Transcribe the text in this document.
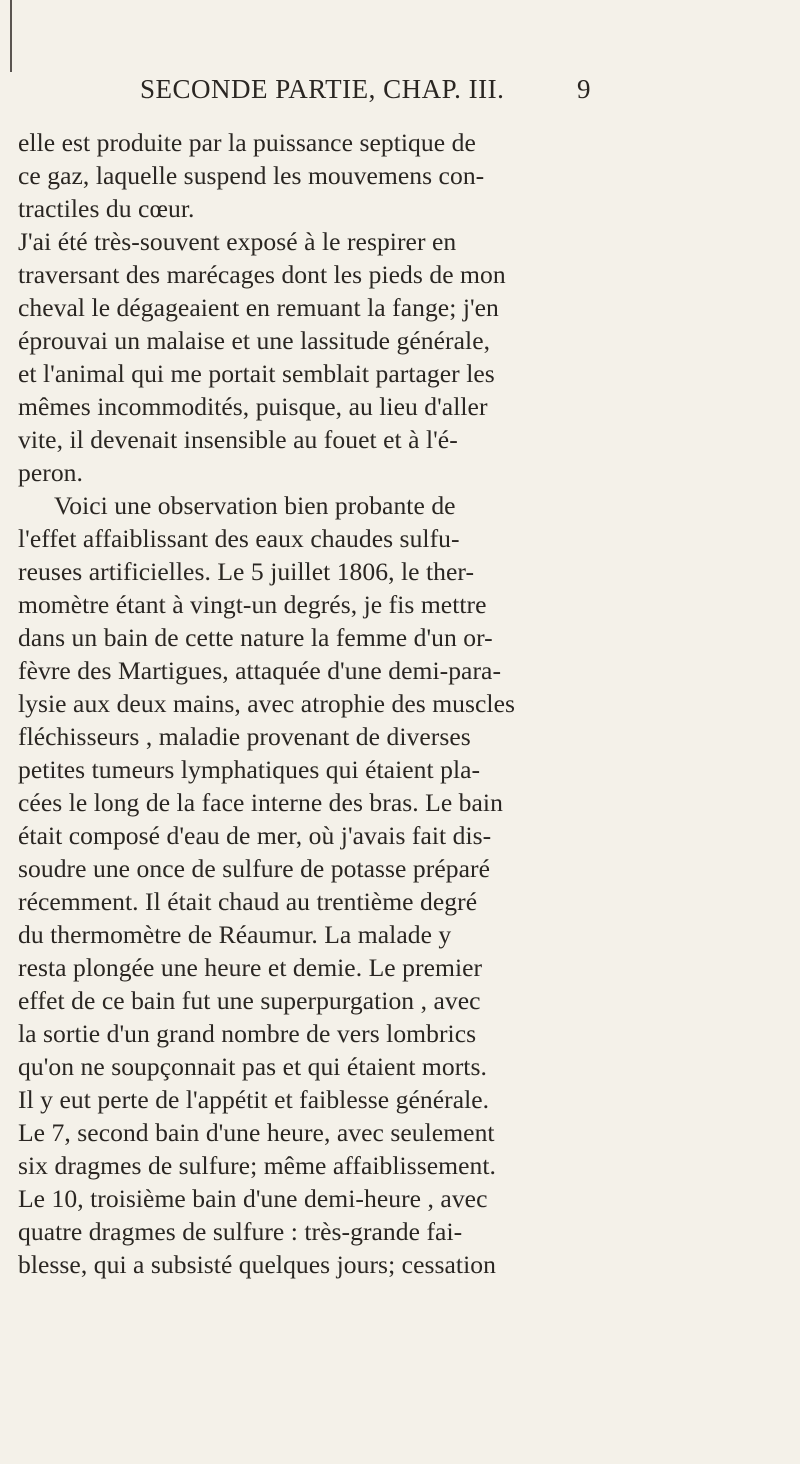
SECONDE PARTIE, CHAP. III.	9
elle est produite par la puissance septique de
ce gaz, laquelle suspend les mouvemens con-
tractiles du cœur.
J'ai été très-souvent exposé à le respirer en
traversant des marécages dont les pieds de mon
cheval le dégageaient en remuant la fange; j'en
éprouvai un malaise et une lassitude générale,
et l'animal qui me portait semblait partager les
mêmes incommodités, puisque, au lieu d'aller
vite, il devenait insensible au fouet et à l'é-
peron.
Voici une observation bien probante de
l'effet affaiblissant des eaux chaudes sulfu-
reuses artificielles. Le 5 juillet 1806, le ther-
momètre étant à vingt-un degrés, je fis mettre
dans un bain de cette nature la femme d'un or-
fèvre des Martigues, attaquée d'une demi-para-
lysie aux deux mains, avec atrophie des muscles
fléchisseurs , maladie provenant de diverses
petites tumeurs lymphatiques qui étaient pla-
cées le long de la face interne des bras. Le bain
était composé d'eau de mer, où j'avais fait dis-
soudre une once de sulfure de potasse préparé
récemment. Il était chaud au trentième degré
du thermomètre de Réaumur. La malade y
resta plongée une heure et demie. Le premier
effet de ce bain fut une superpurgation , avec
la sortie d'un grand nombre de vers lombrics
qu'on ne soupçonnait pas et qui étaient morts.
Il y eut perte de l'appétit et faiblesse générale.
Le 7, second bain d'une heure, avec seulement
six dragmes de sulfure; même affaiblissement.
Le 10, troisième bain d'une demi-heure , avec
quatre dragmes de sulfure : très-grande fai-
blesse, qui a subsisté quelques jours; cessation
